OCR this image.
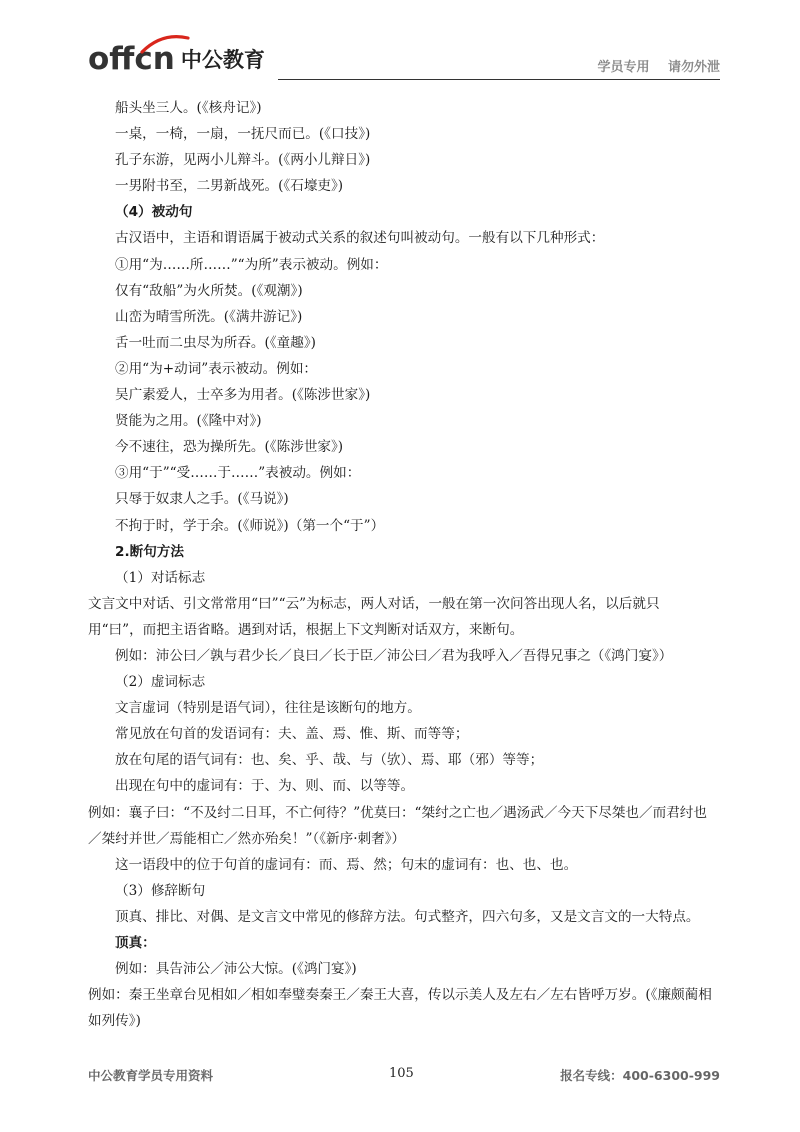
offcn 中公教育	学员专用 请勿外泄
船头坐三人。(《核舟记》)
一桌，一椅，一扇，一抚尺而已。(《口技》)
孔子东游，见两小儿辩斗。(《两小儿辩日》)
一男附书至，二男新战死。(《石壕吏》)
（4）被动句
古汉语中，主语和谓语属于被动式关系的叙述句叫被动句。一般有以下几种形式：
①用“为……所……”“为所”表示被动。例如：
仅有“敌船”为火所焚。(《观潮》)
山峦为晴雪所洗。(《满井游记》)
舌一吐而二虫尽为所吞。(《童趣》)
②用“为+动词”表示被动。例如：
吴广素爱人，士卒多为用者。(《陈涉世家》)
贤能为之用。(《隆中对》)
今不速往，恐为操所先。(《陈涉世家》)
③用“于”“受……于……”表被动。例如：
只辱于奴隶人之手。(《马说》)
不拘于时，学于余。(《师说》)（第一个“于”）
2.断句方法
（1）对话标志
文言文中对话、引文常常用“曰”“云”为标志，两人对话，一般在第一次问答出现人名，以后就只用“曰”，而把主语省略。遇到对话，根据上下文判断对话双方，来断句。
例如：沛公曰／孰与君少长／良曰／长于臣／沛公曰／君为我呼入／吾得兄事之（《鸿门宴》）
（2）虚词标志
文言虚词（特别是语气词），往往是该断句的地方。
常见放在句首的发语词有：夫、盖、焉、惟、斯、而等等；
放在句尾的语气词有：也、矣、乎、哉、与（欤）、焉、耶（邪）等等；
出现在句中的虚词有：于、为、则、而、以等等。
例如：襄子曰：“不及纣二日耳，不亡何待？”优莫曰：“桀纣之亡也／遇汤武／今天下尽桀也／而君纣也／桀纣并世／焉能相亡／然亦殆矣！”（《新序·刺奢》）
这一语段中的位于句首的虚词有：而、焉、然；句末的虚词有：也、也、也。
（3）修辞断句
顶真、排比、对偶、是文言文中常见的修辞方法。句式整齐，四六句多，又是文言文的一大特点。
顶真：
例如：具告沛公／沛公大惊。(《鸿门宴》)
例如：秦王坐章台见相如／相如奉璧奏秦王／秦王大喜，传以示美人及左右／左右皆呼万岁。(《廉颇蔺相如列传》)
中公教育学员专用资料	105	报名专线：400-6300-999
